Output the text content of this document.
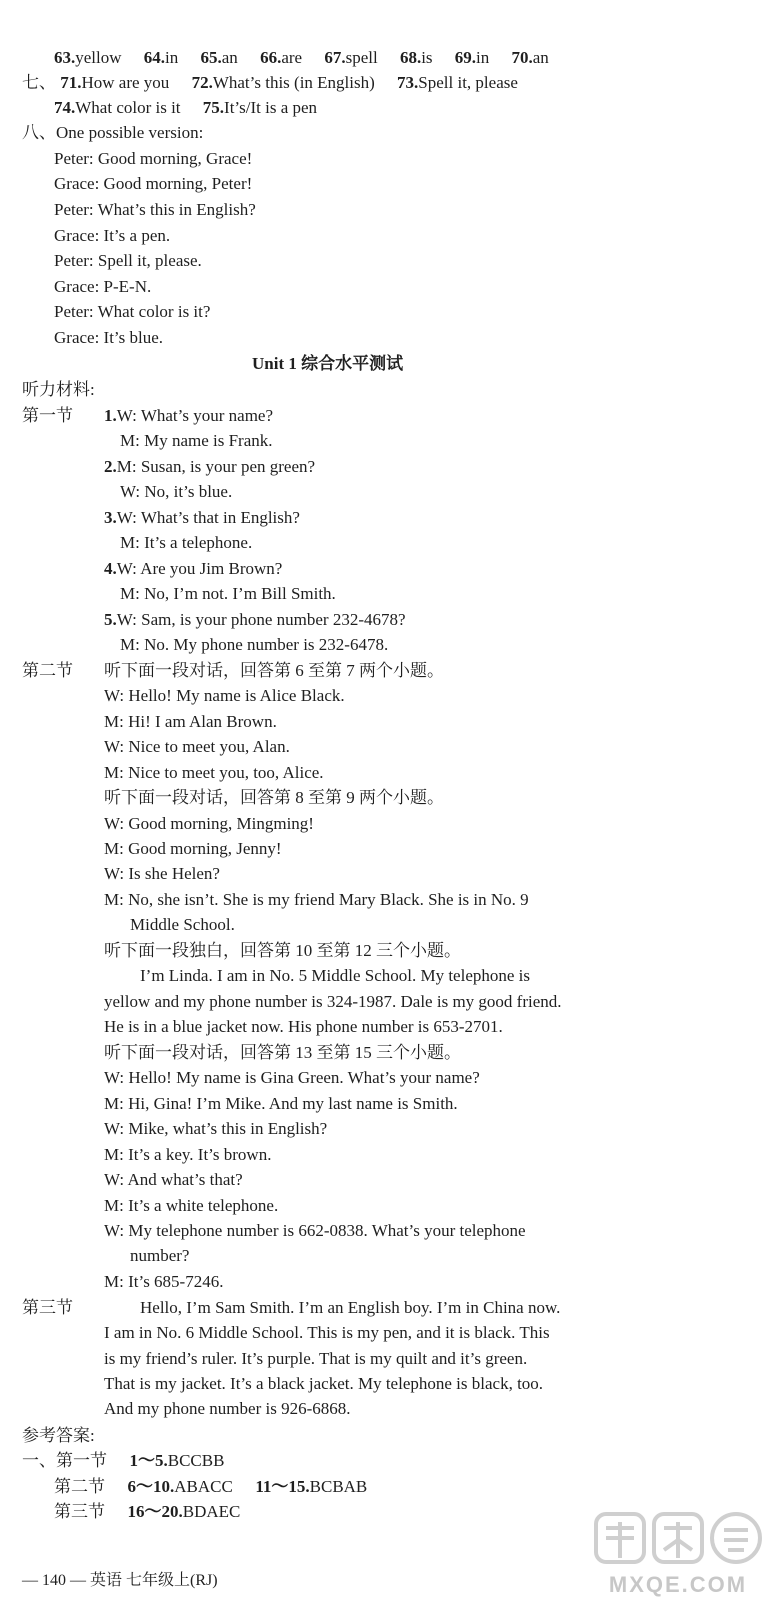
63.yellow 64.in 65.an 66.are 67.spell 68.is 69.in 70.an
七、 71.How are you 72.What’s this (in English) 73.Spell it, please
74.What color is it 75.It’s/It is a pen
八、One possible version:
Peter: Good morning, Grace!
Grace: Good morning, Peter!
Peter: What’s this in English?
Grace: It’s a pen.
Peter: Spell it, please.
Grace: P-E-N.
Peter: What color is it?
Grace: It’s blue.
Unit 1 综合水平测试
听力材料:
第一节 1.W: What’s your name?
M: My name is Frank.
2.M: Susan, is your pen green?
W: No, it’s blue.
3.W: What’s that in English?
M: It’s a telephone.
4.W: Are you Jim Brown?
M: No, I’m not. I’m Bill Smith.
5.W: Sam, is your phone number 232-4678?
M: No. My phone number is 232-6478.
第二节 听下面一段对话，回答第 6 至第 7 两个小题。
W: Hello! My name is Alice Black.
M: Hi! I am Alan Brown.
W: Nice to meet you, Alan.
M: Nice to meet you, too, Alice.
听下面一段对话，回答第 8 至第 9 两个小题。
W: Good morning, Mingming!
M: Good morning, Jenny!
W: Is she Helen?
M: No, she isn’t. She is my friend Mary Black. She is in No. 9
Middle School.
听下面一段独白，回答第 10 至第 12 三个小题。
I’m Linda. I am in No. 5 Middle School. My telephone is
yellow and my phone number is 324-1987. Dale is my good friend.
He is in a blue jacket now. His phone number is 653-2701.
听下面一段对话，回答第 13 至第 15 三个小题。
W: Hello! My name is Gina Green. What’s your name?
M: Hi, Gina! I’m Mike. And my last name is Smith.
W: Mike, what’s this in English?
M: It’s a key. It’s brown.
W: And what’s that?
M: It’s a white telephone.
W: My telephone number is 662-0838. What’s your telephone
number?
M: It’s 685-7246.
第三节	Hello, I’m Sam Smith. I’m an English boy. I’m in China now.
I am in No. 6 Middle School. This is my pen, and it is black. This
is my friend’s ruler. It’s purple. That is my quilt and it’s green.
That is my jacket. It’s a black jacket. My telephone is black, too.
And my phone number is 926-6868.
参考答案:
一、第一节 1～5.BCCBB
第二节 6～10.ABACC 11～15.BCBAB
第三节 16～20.BDAEC
— 140 — 英语 七年级上(RJ)	MXQE.COM
